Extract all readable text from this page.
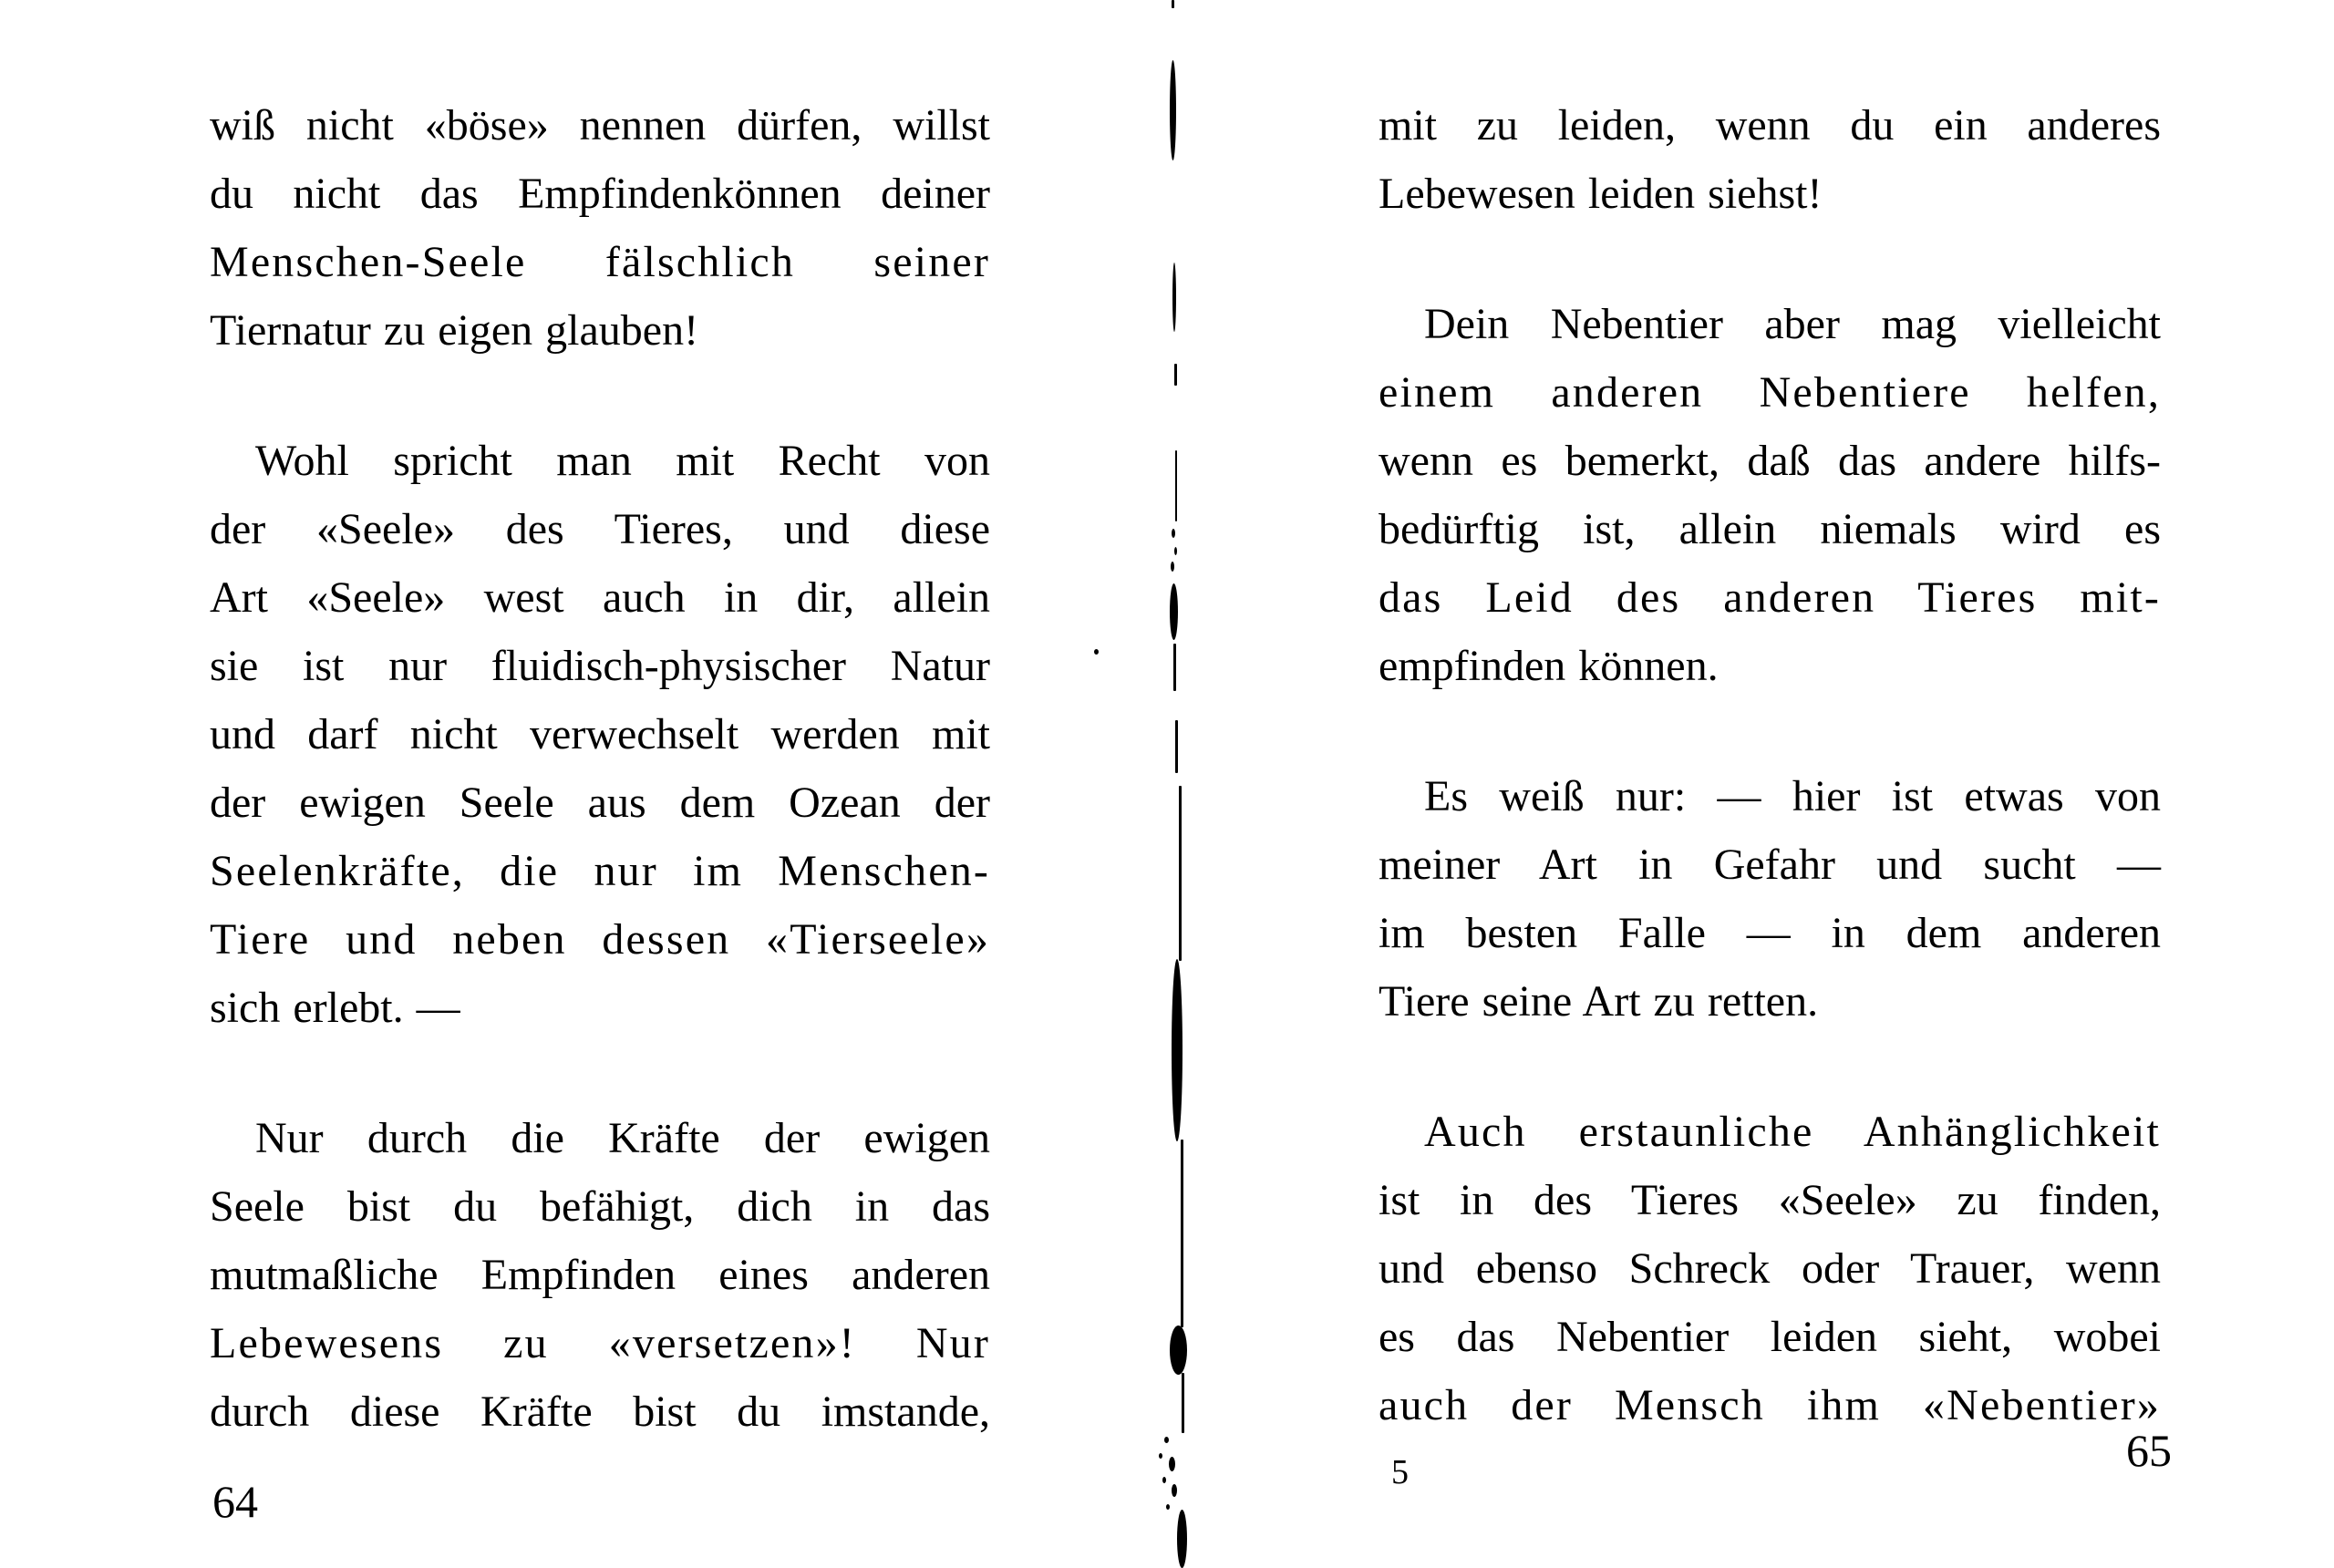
wiß nicht «böse» nennen dürfen, willst
du nicht das Empfindenkönnen deiner
Menschen-Seele fälschlich seiner
Tiernatur zu eigen glauben!
Wohl spricht man mit Recht von
der «Seele» des Tieres, und diese
Art «Seele» west auch in dir, allein
sie ist nur fluidisch-physischer Natur
und darf nicht verwechselt werden mit
der ewigen Seele aus dem Ozean der
Seelenkräfte, die nur im Menschen-
Tiere und neben dessen «Tierseele»
sich erlebt. —
Nur durch die Kräfte der ewigen
Seele bist du befähigt, dich in das
mutmaßliche Empfinden eines anderen
Lebewesens zu «versetzen»! Nur
durch diese Kräfte bist du imstande,
mit zu leiden, wenn du ein anderes
Lebewesen leiden siehst!
Dein Nebentier aber mag vielleicht
einem anderen Nebentiere helfen,
wenn es bemerkt, daß das andere hilfs-
bedürftig ist, allein niemals wird es
das Leid des anderen Tieres mit-
empfinden können.
Es weiß nur: — hier ist etwas von
meiner Art in Gefahr und sucht —
im besten Falle — in dem anderen
Tiere seine Art zu retten.
Auch erstaunliche Anhänglichkeit
ist in des Tieres «Seele» zu finden,
und ebenso Schreck oder Trauer, wenn
es das Nebentier leiden sieht, wobei
auch der Mensch ihm «Nebentier»
64
5	65
